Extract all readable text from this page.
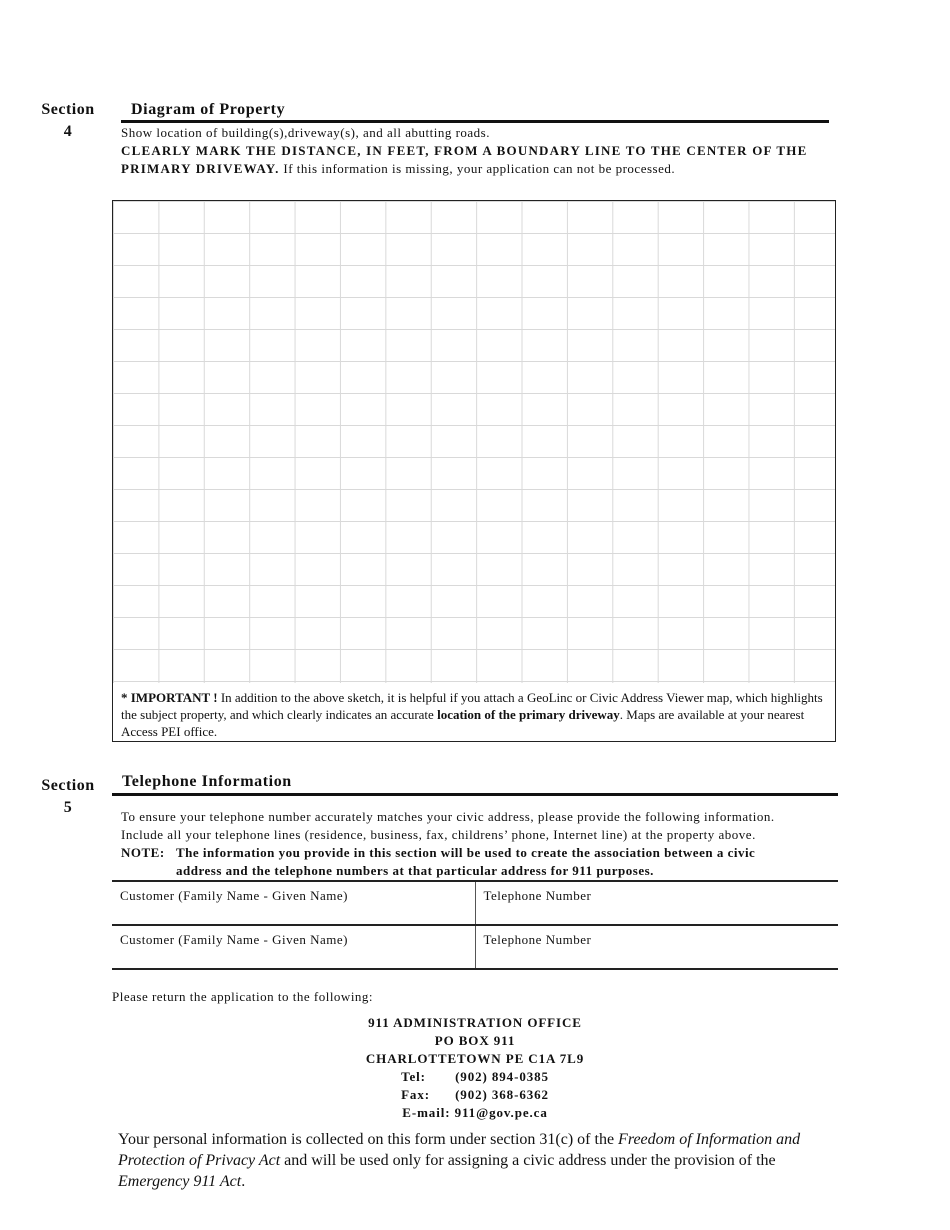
Section
4
Diagram of Property
Show location of building(s),driveway(s), and all abutting roads.
CLEARLY MARK THE DISTANCE, IN FEET, FROM A BOUNDARY LINE TO THE CENTER OF THE PRIMARY DRIVEWAY. If this information is missing, your application can not be processed.
* IMPORTANT ! In addition to the above sketch, it is helpful if you attach a GeoLinc or Civic Address Viewer map, which highlights the subject property, and which clearly indicates an accurate location of the primary driveway. Maps are available at your nearest Access PEI office.
Section
5
Telephone Information
To ensure your telephone number accurately matches your civic address, please provide the following information.
Include all your telephone lines (residence, business, fax, childrens’ phone, Internet line) at the property above.
NOTE: The information you provide in this section will be used to create the association between a civic
address and the telephone numbers at that particular address for 911 purposes.
Customer (Family Name - Given Name)	Telephone Number
Customer (Family Name - Given Name)	Telephone Number
Please return the application to the following:
911 ADMINISTRATION OFFICE
PO BOX 911
CHARLOTTETOWN PE C1A 7L9
Tel: (902) 894-0385
Fax: (902) 368-6362
E-mail: 911@gov.pe.ca
Your personal information is collected on this form under section 31(c) of the Freedom of Information and Protection of Privacy Act and will be used only for assigning a civic address under the provision of the Emergency 911 Act.
